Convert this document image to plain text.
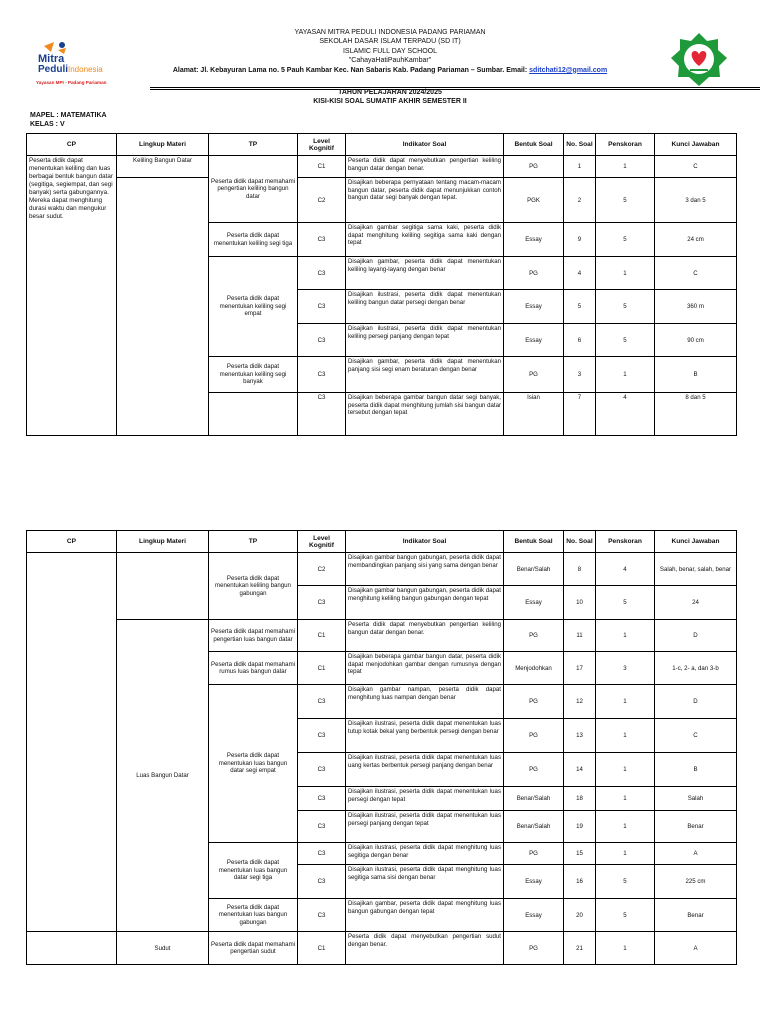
Mitra
Peduli Indonesia
Yayasan MPI - Padang Pariaman
YAYASAN MITRA PEDULI INDONESIA PADANG PARIAMAN
SEKOLAH DASAR ISLAM TERPADU (SD IT)
ISLAMIC FULL DAY SCHOOL
"CahayaHatiPauhKambar"
Alamat: Jl. Kebayuran Lama no. 5 Pauh Kambar Kec. Nan Sabaris Kab. Padang Pariaman – Sumbar. Email: sditchati12@gmail.com
TAHUN PELAJARAN 2024/2025
KISI-KISI SOAL SUMATIF AKHIR SEMESTER II
MAPEL : MATEMATIKA
KELAS : V
CP	Lingkup Materi	TP	Level Kognitif	Indikator Soal	Bentuk Soal	No. Soal	Penskoran	Kunci Jawaban
Peserta didik dapat menentukan keliling dan luas berbagai bentuk bangun datar (segitiga, segiempat, dan segi banyak) serta gabungannya. Mereka dapat menghitung durasi waktu dan mengukur besar sudut.	Keliling Bangun Datar	Peserta didik dapat memahami pengertian keliling bangun datar	C1	Peserta didik dapat menyebutkan pengertian keliling bangun datar dengan benar.	PG	1	1	C
			C2	Disajikan beberapa pernyataan tentang macam-macam bangun datar, peserta didik dapat menunjukkan contoh bangun datar segi banyak dengan tepat.	PGK	2	5	3 dan 5
		Peserta didik dapat menentukan keliling segi tiga	C3	Disajikan gambar segitiga sama kaki, peserta didik dapat menghitung keliling segitiga sama kaki dengan tepat	Essay	9	5	24 cm
		Peserta didik dapat menentukan keliling segi empat	C3	Disajikan gambar, peserta didik dapat menentukan keliling layang-layang dengan benar	PG	4	1	C
			C3	Disajikan ilustrasi, peserta didik dapat menentukan keliling bangun datar persegi dengan benar	Essay	5	5	360 m
			C3	Disajikan ilustrasi, peserta didik dapat menentukan keliling persegi panjang dengan tepat	Essay	6	5	90 cm
		Peserta didik dapat menentukan keliling segi banyak	C3	Disajikan gambar, peserta didik dapat menentukan panjang sisi segi enam beraturan dengan benar	PG	3	1	B
			C3	Disajikan beberapa gambar bangun datar segi banyak, peserta didik dapat menghitung jumlah sisi bangun datar tersebut dengan tepat	Isian	7	4	8 dan 5
CP	Lingkup Materi	TP	Level Kognitif	Indikator Soal	Bentuk Soal	No. Soal	Penskoran	Kunci Jawaban
		Peserta didik dapat menentukan keliling bangun gabungan	C2	Disajikan gambar bangun gabungan, peserta didik dapat membandingkan panjang sisi yang sama dengan benar	Benar/Salah	8	4	Salah, benar, salah, benar
			C3	Disajikan gambar bangun gabungan, peserta didik dapat menghitung keliling bangun gabungan dengan tepat	Essay	10	5	24
	Luas Bangun Datar	Peserta didik dapat memahami pengertian luas bangun datar	C1	Peserta didik dapat menyebutkan pengertian keliling bangun datar dengan benar.	PG	11	1	D
		Peserta didik dapat memahami rumus luas bangun datar	C1	Disajikan beberapa gambar bangun datar, peserta didik dapat menjodohkan gambar dengan rumusnya dengan tepat	Menjodohkan	17	3	1-c, 2- a, dan 3-b
		Peserta didik dapat menentukan luas bangun datar segi empat	C3	Disajikan gambar nampan, peserta didik dapat menghitung luas nampan dengan benar	PG	12	1	D
			C3	Disajikan ilustrasi, peserta didik dapat menentukan luas tutup kotak bekal yang berbentuk persegi dengan benar	PG	13	1	C
			C3	Disajikan ilustrasi, peserta didik dapat menentukan luas uang kertas berbentuk persegi panjang dengan benar	PG	14	1	B
			C3	Disajikan ilustrasi, peserta didik dapat menentukan luas persegi dengan tepat	Benar/Salah	18	1	Salah
			C3	Disajikan ilustrasi, peserta didik dapat menentukan luas persegi panjang dengan tepat	Benar/Salah	19	1	Benar
		Peserta didik dapat menentukan luas bangun datar segi tiga	C3	Disajikan ilustrasi, peserta didik dapat menghitung luas segitiga dengan benar	PG	15	1	A
			C3	Disajikan ilustrasi, peserta didik dapat menghitung luas segitiga sama sisi dengan benar	Essay	16	5	225 cm
		Peserta didik dapat menentukan luas bangun gabungan	C3	Disajikan gambar, peserta didik dapat menghitung luas bangun gabungan dengan tepat	Essay	20	5	Benar
	Sudut	Peserta didik dapat memahami pengertian sudut	C1	Peserta didik dapat menyebutkan pengertian sudut dengan benar.	PG	21	1	A
